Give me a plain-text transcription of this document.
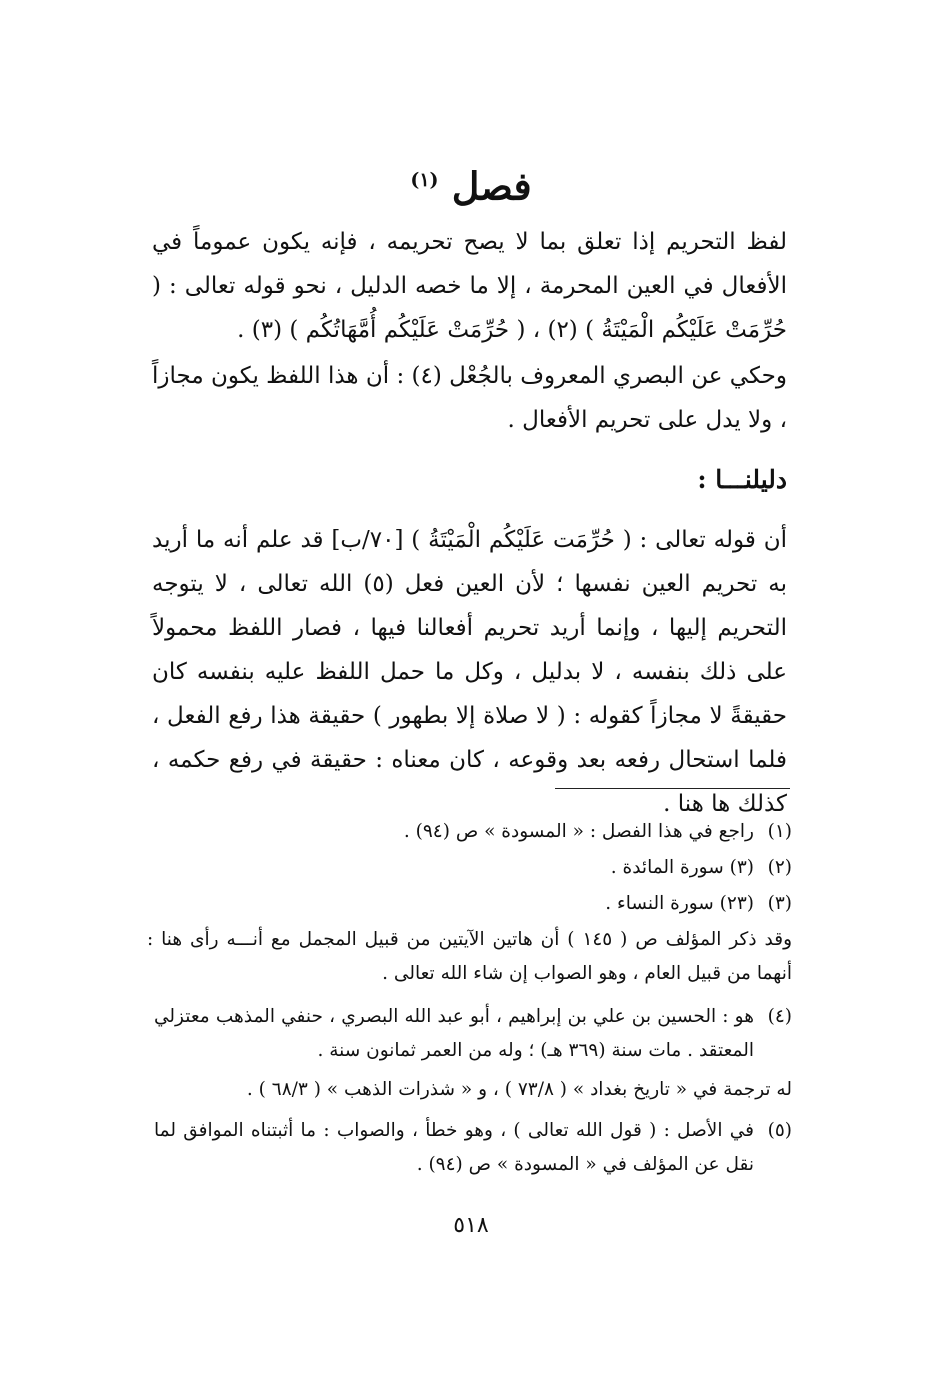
فصل $^{(١)}$
لفظ التحريم إذا تعلق بما لا يصح تحريمه ، فإنه يكون عموماً في الأفعال في العين المحرمة ، إلا ما خصه الدليل ، نحو قوله تعالى : ( حُرِّمَتْ عَلَيْكُم الْمَيْتَةُ ) (٢) ، ( حُرِّمَتْ عَلَيْكُم أُمَّهَاتُكُم ) (٣) .
وحكي عن البصري المعروف بالجُعْل (٤) : أن هذا اللفظ يكون مجازاً ، ولا يدل على تحريم الأفعال .
دليلنـــا :
أن قوله تعالى : ( حُرِّمَت عَلَيْكُم الْمَيْتَةُ ) [٧٠/ب] قد علم أنه ما أريد به تحريم العين نفسها ؛ لأن العين فعل (٥) الله تعالى ، لا يتوجه التحريم إليها ، وإنما أريد تحريم أفعالنا فيها ، فصار اللفظ محمولاً على ذلك بنفسه ، لا بدليل ، وكل ما حمل اللفظ عليه بنفسه كان حقيقةً لا مجازاً كقوله : ( لا صلاة إلا بطهور ) حقيقة هذا رفع الفعل ، فلما استحال رفعه بعد وقوعه ، كان معناه : حقيقة في رفع حكمه ، كذلك ها هنا .
(١)راجع في هذا الفصل : « المسودة » ص (٩٤) .
(٢)(٣) سورة المائدة .
(٣)(٢٣) سورة النساء .
وقد ذكر المؤلف ص ( ١٤٥ ) أن هاتين الآيتين من قبيل المجمل مع أنـــه رأى هنا : أنهما من قبيل العام ، وهو الصواب إن شاء الله تعالى .
(٤)هو : الحسين بن علي بن إبراهيم ، أبو عبد الله البصري ، حنفي المذهب معتزلي المعتقد . مات سنة (٣٦٩ هـ) ؛ وله من العمر ثمانون سنة .
له ترجمة في « تاريخ بغداد » ( ٧٣/٨ ) ، و « شذرات الذهب » ( ٦٨/٣ ) .
(٥)في الأصل : ( قول الله تعالى ) ، وهو خطأ ، والصواب : ما أثبتناه الموافق لما نقل عن المؤلف في « المسودة » ص (٩٤) .
٥١٨
